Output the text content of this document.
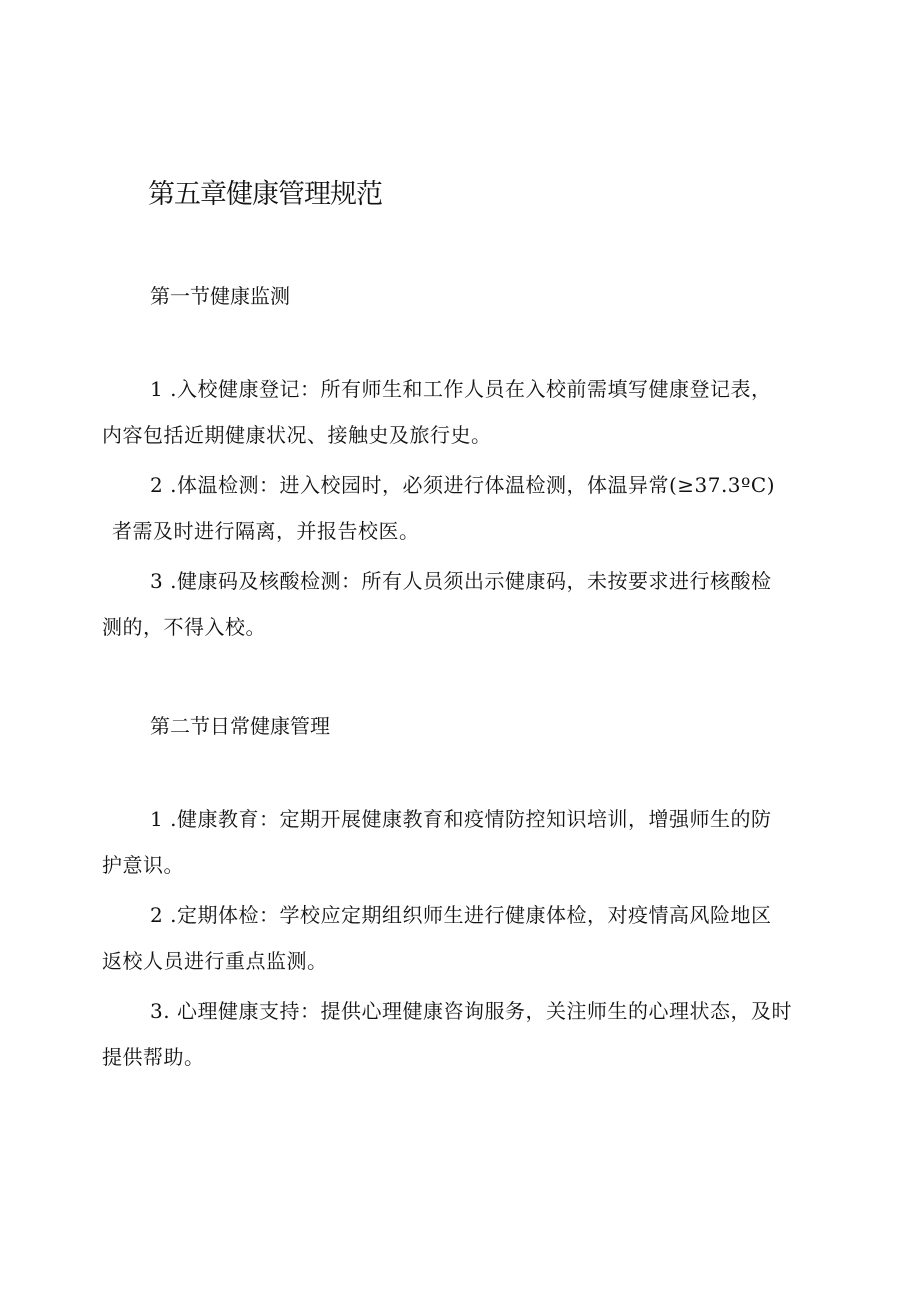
第五章健康管理规范
第一节健康监测

1 .入校健康登记：所有师生和工作人员在入校前需填写健康登记表，
内容包括近期健康状况、接触史及旅行史。

2 .体温检测：进入校园时，必须进行体温检测，体温异常(≥37.3ºC)
者需及时进行隔离，并报告校医。

3 .健康码及核酸检测：所有人员须出示健康码，未按要求进行核酸检
测的，不得入校。

第二节日常健康管理

1 .健康教育：定期开展健康教育和疫情防控知识培训，增强师生的防
护意识。

2 .定期体检：学校应定期组织师生进行健康体检，对疫情高风险地区
返校人员进行重点监测。

3. 心理健康支持：提供心理健康咨询服务，关注师生的心理状态，及时
提供帮助。
